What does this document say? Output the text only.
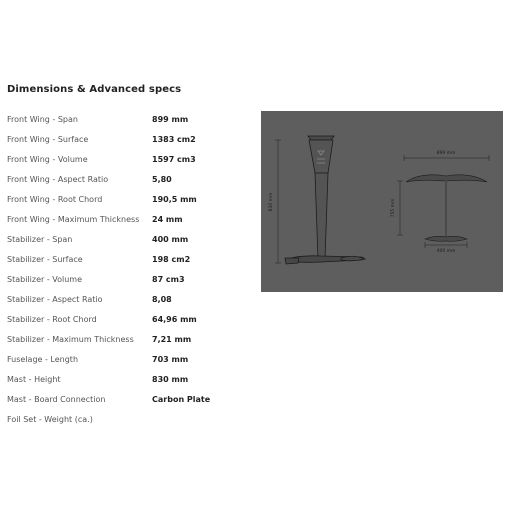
Dimensions & Advanced specs
Front Wing - Span	899 mm
Front Wing - Surface	1383 cm2
Front Wing - Volume	1597 cm3
Front Wing - Aspect Ratio	5,80
Front Wing - Root Chord	190,5 mm
Front Wing - Maximum Thickness	24 mm
Stabilizer - Span	400 mm
Stabilizer - Surface	198 cm2
Stabilizer - Volume	87 cm3
Stabilizer - Aspect Ratio	8,08
Stabilizer - Root Chord	64,96 mm
Stabilizer - Maximum Thickness	7,21 mm
Fuselage - Length	703 mm
Mast - Height	830 mm
Mast - Board Connection	Carbon Plate
Foil Set - Weight (ca.)
830 mm
899 mm
755 mm
400 mm
